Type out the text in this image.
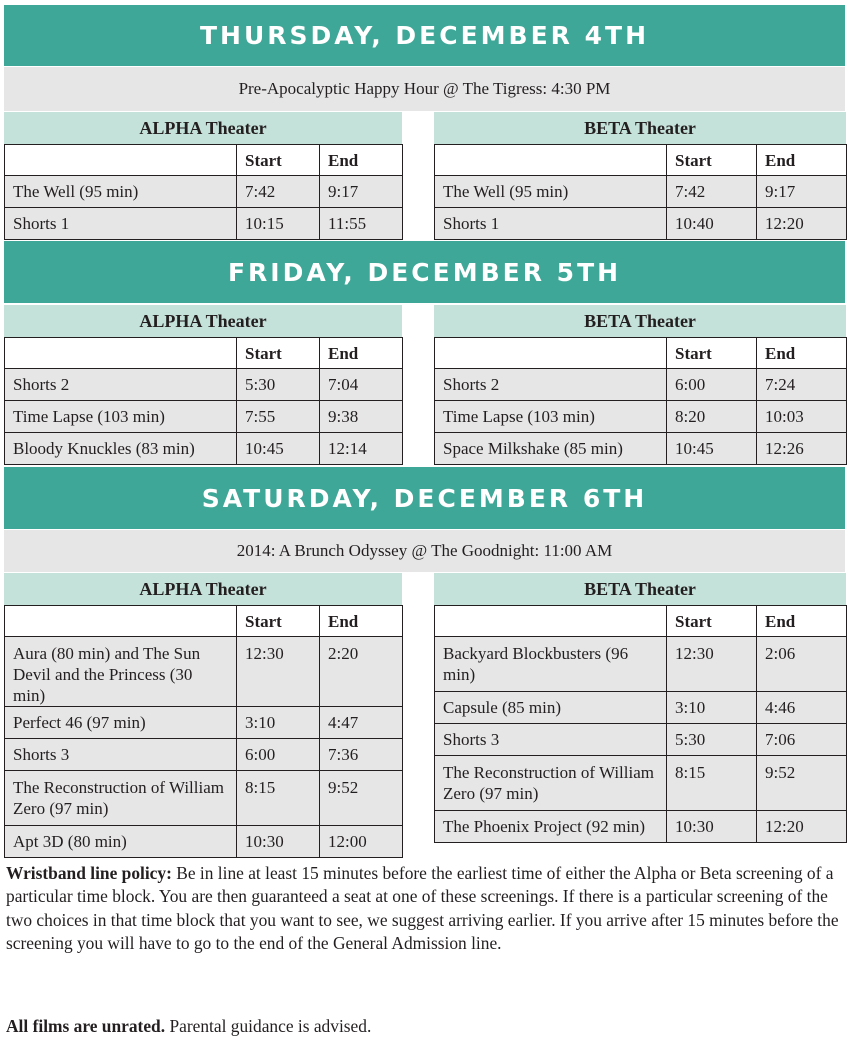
THURSDAY, DECEMBER 4TH
Pre-Apocalyptic Happy Hour @ The Tigress: 4:30 PM
ALPHA Theater
	Start	End
The Well (95 min)	7:42	9:17
Shorts 1	10:15	11:55
BETA Theater
	Start	End
The Well (95 min)	7:42	9:17
Shorts 1	10:40	12:20
FRIDAY, DECEMBER 5TH
ALPHA Theater
	Start	End
Shorts 2	5:30	7:04
Time Lapse (103 min)	7:55	9:38
Bloody Knuckles (83 min)	10:45	12:14
BETA Theater
	Start	End
Shorts 2	6:00	7:24
Time Lapse (103 min)	8:20	10:03
Space Milkshake (85 min)	10:45	12:26
SATURDAY, DECEMBER 6TH
2014: A Brunch Odyssey @ The Goodnight: 11:00 AM
ALPHA Theater
	Start	End
Aura (80 min) and The Sun Devil and the Princess (30 min)	12:30	2:20
Perfect 46 (97 min)	3:10	4:47
Shorts 3	6:00	7:36
The Reconstruction of William Zero (97 min)	8:15	9:52
Apt 3D (80 min)	10:30	12:00
BETA Theater
	Start	End
Backyard Blockbusters (96 min)	12:30	2:06
Capsule (85 min)	3:10	4:46
Shorts 3	5:30	7:06
The Reconstruction of William Zero (97 min)	8:15	9:52
The Phoenix Project (92 min)	10:30	12:20
Wristband line policy: Be in line at least 15 minutes before the earliest time of either the Alpha or Beta screening of a particular time block. You are then guaranteed a seat at one of these screenings. If there is a particular screening of the two choices in that time block that you want to see, we suggest arriving earlier. If you arrive after 15 minutes before the screening you will have to go to the end of the General Admission line.
All films are unrated. Parental guidance is advised.
